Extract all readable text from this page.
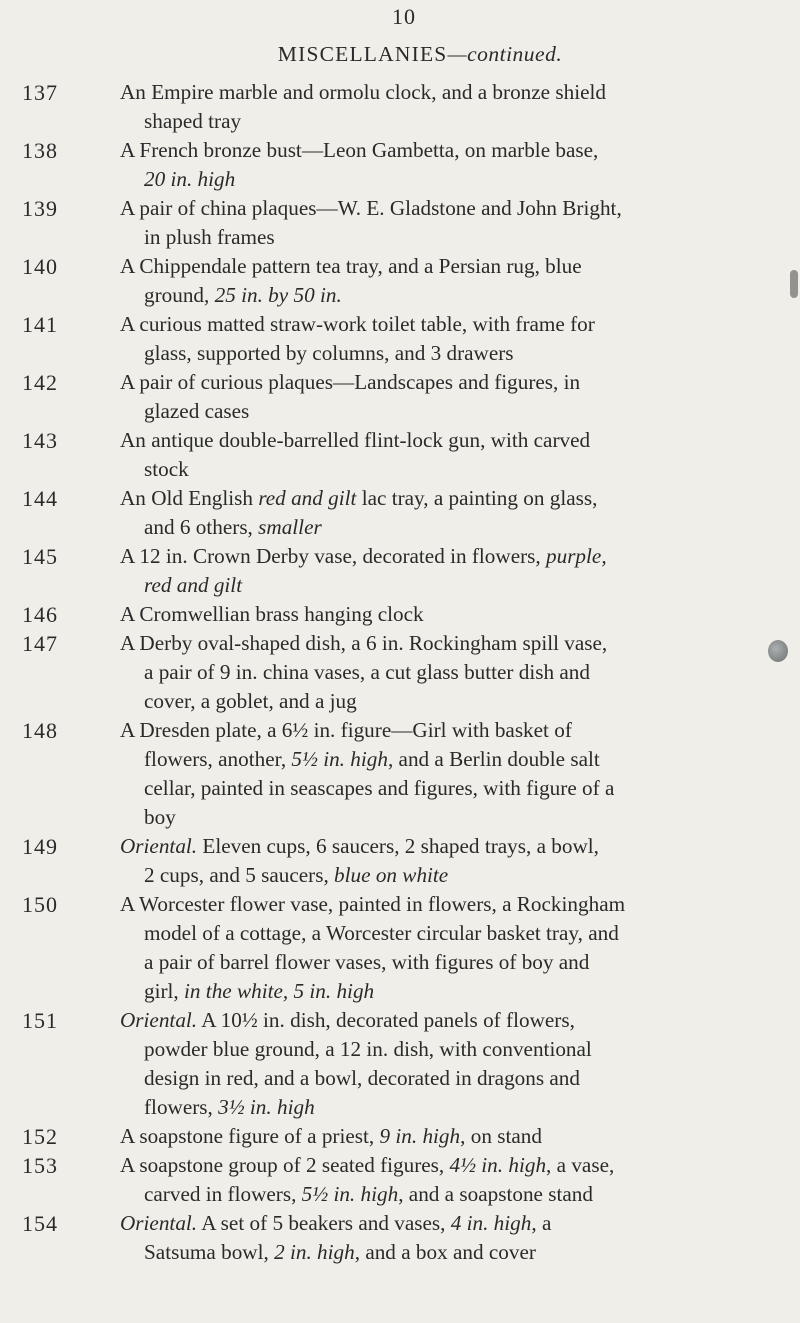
10
MISCELLANIES—continued.
137	An Empire marble and ormolu clock, and a bronze shield
shaped tray
138	A French bronze bust—Leon Gambetta, on marble base,
20 in. high
139	A pair of china plaques—W. E. Gladstone and John Bright,
in plush frames
140	A Chippendale pattern tea tray, and a Persian rug, blue
ground, 25 in. by 50 in.
141	A curious matted straw-work toilet table, with frame for
glass, supported by columns, and 3 drawers
142	A pair of curious plaques—Landscapes and figures, in
glazed cases
143	An antique double-barrelled flint-lock gun, with carved
stock
144	An Old English red and gilt lac tray, a painting on glass,
and 6 others, smaller
145	A 12 in. Crown Derby vase, decorated in flowers, purple,
red and gilt
146	A Cromwellian brass hanging clock
147	A Derby oval-shaped dish, a 6 in. Rockingham spill vase,
a pair of 9 in. china vases, a cut glass butter dish and
cover, a goblet, and a jug
148	A Dresden plate, a 6½ in. figure—Girl with basket of
flowers, another, 5½ in. high, and a Berlin double salt
cellar, painted in seascapes and figures, with figure of a
boy
149	Oriental. Eleven cups, 6 saucers, 2 shaped trays, a bowl,
2 cups, and 5 saucers, blue on white
150	A Worcester flower vase, painted in flowers, a Rockingham
model of a cottage, a Worcester circular basket tray, and
a pair of barrel flower vases, with figures of boy and
girl, in the white, 5 in. high
151	Oriental. A 10½ in. dish, decorated panels of flowers,
powder blue ground, a 12 in. dish, with conventional
design in red, and a bowl, decorated in dragons and
flowers, 3½ in. high
152	A soapstone figure of a priest, 9 in. high, on stand
153	A soapstone group of 2 seated figures, 4½ in. high, a vase,
carved in flowers, 5½ in. high, and a soapstone stand
154	Oriental. A set of 5 beakers and vases, 4 in. high, a
Satsuma bowl, 2 in. high, and a box and cover
